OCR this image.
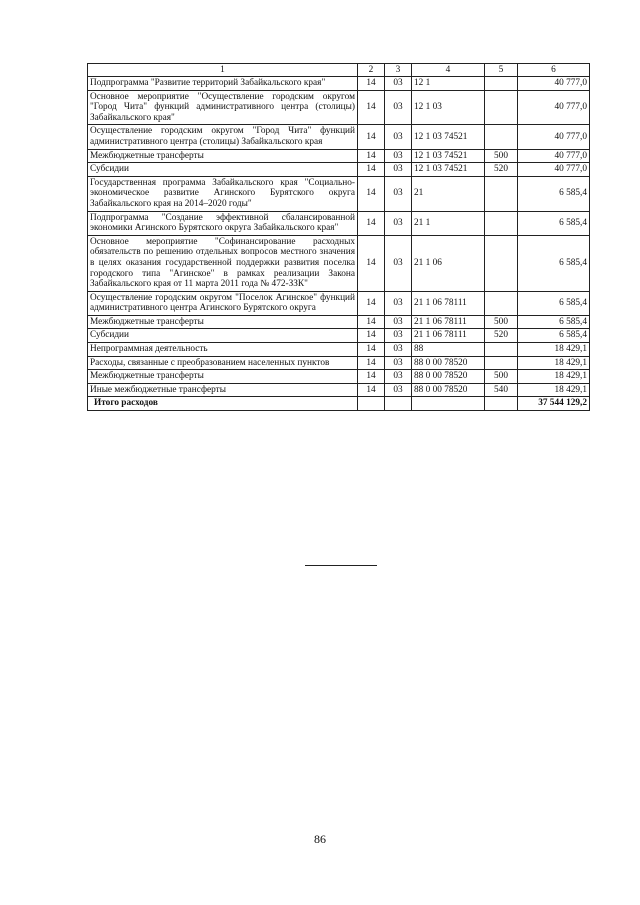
1	2	3	4	5	6
Подпрограмма "Развитие территорий Забайкальского края"	14	03	12 1		40 777,0
Основное мероприятие "Осуществление городским округом "Город Чита" функций административного центра (столицы) Забайкальского края"	14	03	12 1 03		40 777,0
Осуществление городским округом "Город Чита" функций административного центра (столицы) Забайкальского края	14	03	12 1 03 74521		40 777,0
Межбюджетные трансферты	14	03	12 1 03 74521	500	40 777,0
Субсидии	14	03	12 1 03 74521	520	40 777,0
Государственная программа Забайкальского края "Социально-экономическое развитие Агинского Бурятского округа Забайкальского края на 2014–2020 годы"	14	03	21		6 585,4
Подпрограмма "Создание эффективной сбалансированной экономики Агинского Бурятского округа Забайкальского края"	14	03	21 1		6 585,4
Основное мероприятие "Софинансирование расходных обязательств по решению отдельных вопросов местного значения в целях оказания государственной поддержки развития поселка городского типа "Агинское" в рамках реализации Закона Забайкальского края от 11 марта 2011 года № 472-ЗЗК"	14	03	21 1 06		6 585,4
Осуществление городским округом "Поселок Агинское" функций административного центра Агинского Бурятского округа	14	03	21 1 06 78111		6 585,4
Межбюджетные трансферты	14	03	21 1 06 78111	500	6 585,4
Субсидии	14	03	21 1 06 78111	520	6 585,4
Непрограммная деятельность	14	03	88		18 429,1
Расходы, связанные с преобразованием населенных пунктов	14	03	88 0 00 78520		18 429,1
Межбюджетные трансферты	14	03	88 0 00 78520	500	18 429,1
Иные межбюджетные трансферты	14	03	88 0 00 78520	540	18 429,1
Итого расходов					37 544 129,2
86
